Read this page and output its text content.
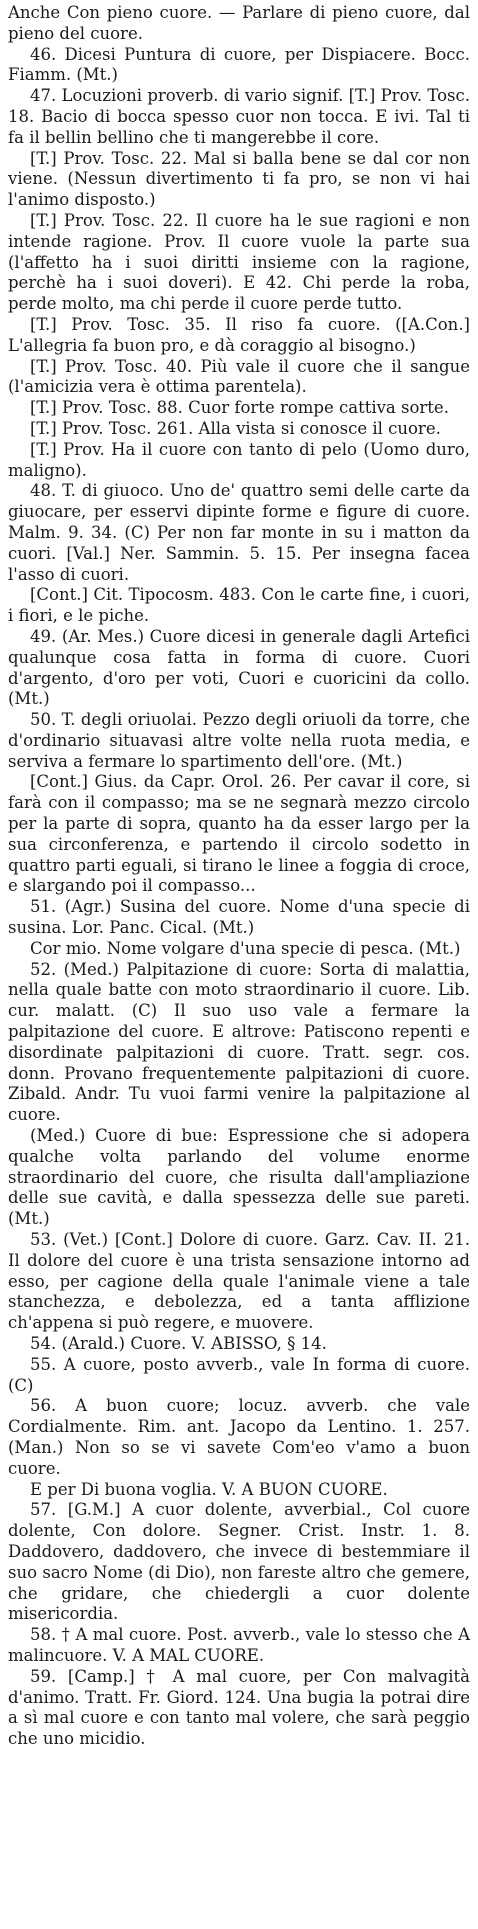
Anche Con pieno cuore. — Parlare di pieno cuore, dal pieno del cuore.

46. Dicesi Puntura di cuore, per Dispiacere. Bocc. Fiamm. (Mt.)

47. Locuzioni proverb. di vario signif. [T.] Prov. Tosc. 18. Bacio di bocca spesso cuor non tocca. E ivi. Tal ti fa il bellin bellino che ti mangerebbe il core.

[T.] Prov. Tosc. 22. Mal si balla bene se dal cor non viene. (Nessun divertimento ti fa pro, se non vi hai l'animo disposto.)

[T.] Prov. Tosc. 22. Il cuore ha le sue ragioni e non intende ragione. Prov. Il cuore vuole la parte sua (l'affetto ha i suoi diritti insieme con la ragione, perchè ha i suoi doveri). E 42. Chi perde la roba, perde molto, ma chi perde il cuore perde tutto.

[T.] Prov. Tosc. 35. Il riso fa cuore. ([A.Con.] L'allegria fa buon pro, e dà coraggio al bisogno.)

[T.] Prov. Tosc. 40. Più vale il cuore che il sangue (l'amicizia vera è ottima parentela).

[T.] Prov. Tosc. 88. Cuor forte rompe cattiva sorte.

[T.] Prov. Tosc. 261. Alla vista si conosce il cuore.

[T.] Prov. Ha il cuore con tanto di pelo (Uomo duro, maligno).

48. T. di giuoco. Uno de' quattro semi delle carte da giuocare, per esservi dipinte forme e figure di cuore. Malm. 9. 34. (C) Per non far monte in su i matton da cuori. [Val.] Ner. Sammin. 5. 15. Per insegna facea l'asso di cuori.

[Cont.] Cit. Tipocosm. 483. Con le carte fine, i cuori, i fiori, e le piche.

49. (Ar. Mes.) Cuore dicesi in generale dagli Artefici qualunque cosa fatta in forma di cuore. Cuori d'argento, d'oro per voti, Cuori e cuoricini da collo. (Mt.)

50. T. degli oriuolai. Pezzo degli oriuoli da torre, che d'ordinario situavasi altre volte nella ruota media, e serviva a fermare lo spartimento dell'ore. (Mt.)

[Cont.] Gius. da Capr. Orol. 26. Per cavar il core, si farà con il compasso; ma se ne segnarà mezzo circolo per la parte di sopra, quanto ha da esser largo per la sua circonferenza, e partendo il circolo sodetto in quattro parti eguali, si tirano le linee a foggia di croce, e slargando poi il compasso...

51. (Agr.) Susina del cuore. Nome d'una specie di susina. Lor. Panc. Cical. (Mt.)

Cor mio. Nome volgare d'una specie di pesca. (Mt.)

52. (Med.) Palpitazione di cuore: Sorta di malattia, nella quale batte con moto straordinario il cuore. Lib. cur. malatt. (C) Il suo uso vale a fermare la palpitazione del cuore. E altrove: Patiscono repenti e disordinate palpitazioni di cuore. Tratt. segr. cos. donn. Provano frequentemente palpitazioni di cuore. Zibald. Andr. Tu vuoi farmi venire la palpitazione al cuore.

(Med.) Cuore di bue: Espressione che si adopera qualche volta parlando del volume enorme straordinario del cuore, che risulta dall'ampliazione delle sue cavità, e dalla spessezza delle sue pareti. (Mt.)

53. (Vet.) [Cont.] Dolore di cuore. Garz. Cav. II. 21. Il dolore del cuore è una trista sensazione intorno ad esso, per cagione della quale l'animale viene a tale stanchezza, e debolezza, ed a tanta afflizione ch'appena si può regere, e muovere.

54. (Arald.) Cuore. V. ABISSO, § 14.

55. A cuore, posto avverb., vale In forma di cuore. (C)

56. A buon cuore; locuz. avverb. che vale Cordialmente. Rim. ant. Jacopo da Lentino. 1. 257. (Man.) Non so se vi savete Com'eo v'amo a buon cuore.

E per Di buona voglia. V. A BUON CUORE.

57. [G.M.] A cuor dolente, avverbial., Col cuore dolente, Con dolore. Segner. Crist. Instr. 1. 8. Daddovero, daddovero, che invece di bestemmiare il suo sacro Nome (di Dio), non fareste altro che gemere, che gridare, che chiedergli a cuor dolente misericordia.

58. † A mal cuore. Post. avverb., vale lo stesso che A malincuore. V. A MAL CUORE.

59. [Camp.] † A mal cuore, per Con malvagità d'animo. Tratt. Fr. Giord. 124. Una bugia la potrai dire a sì mal cuore e con tanto mal volere, che sarà peggio che uno micidio.
